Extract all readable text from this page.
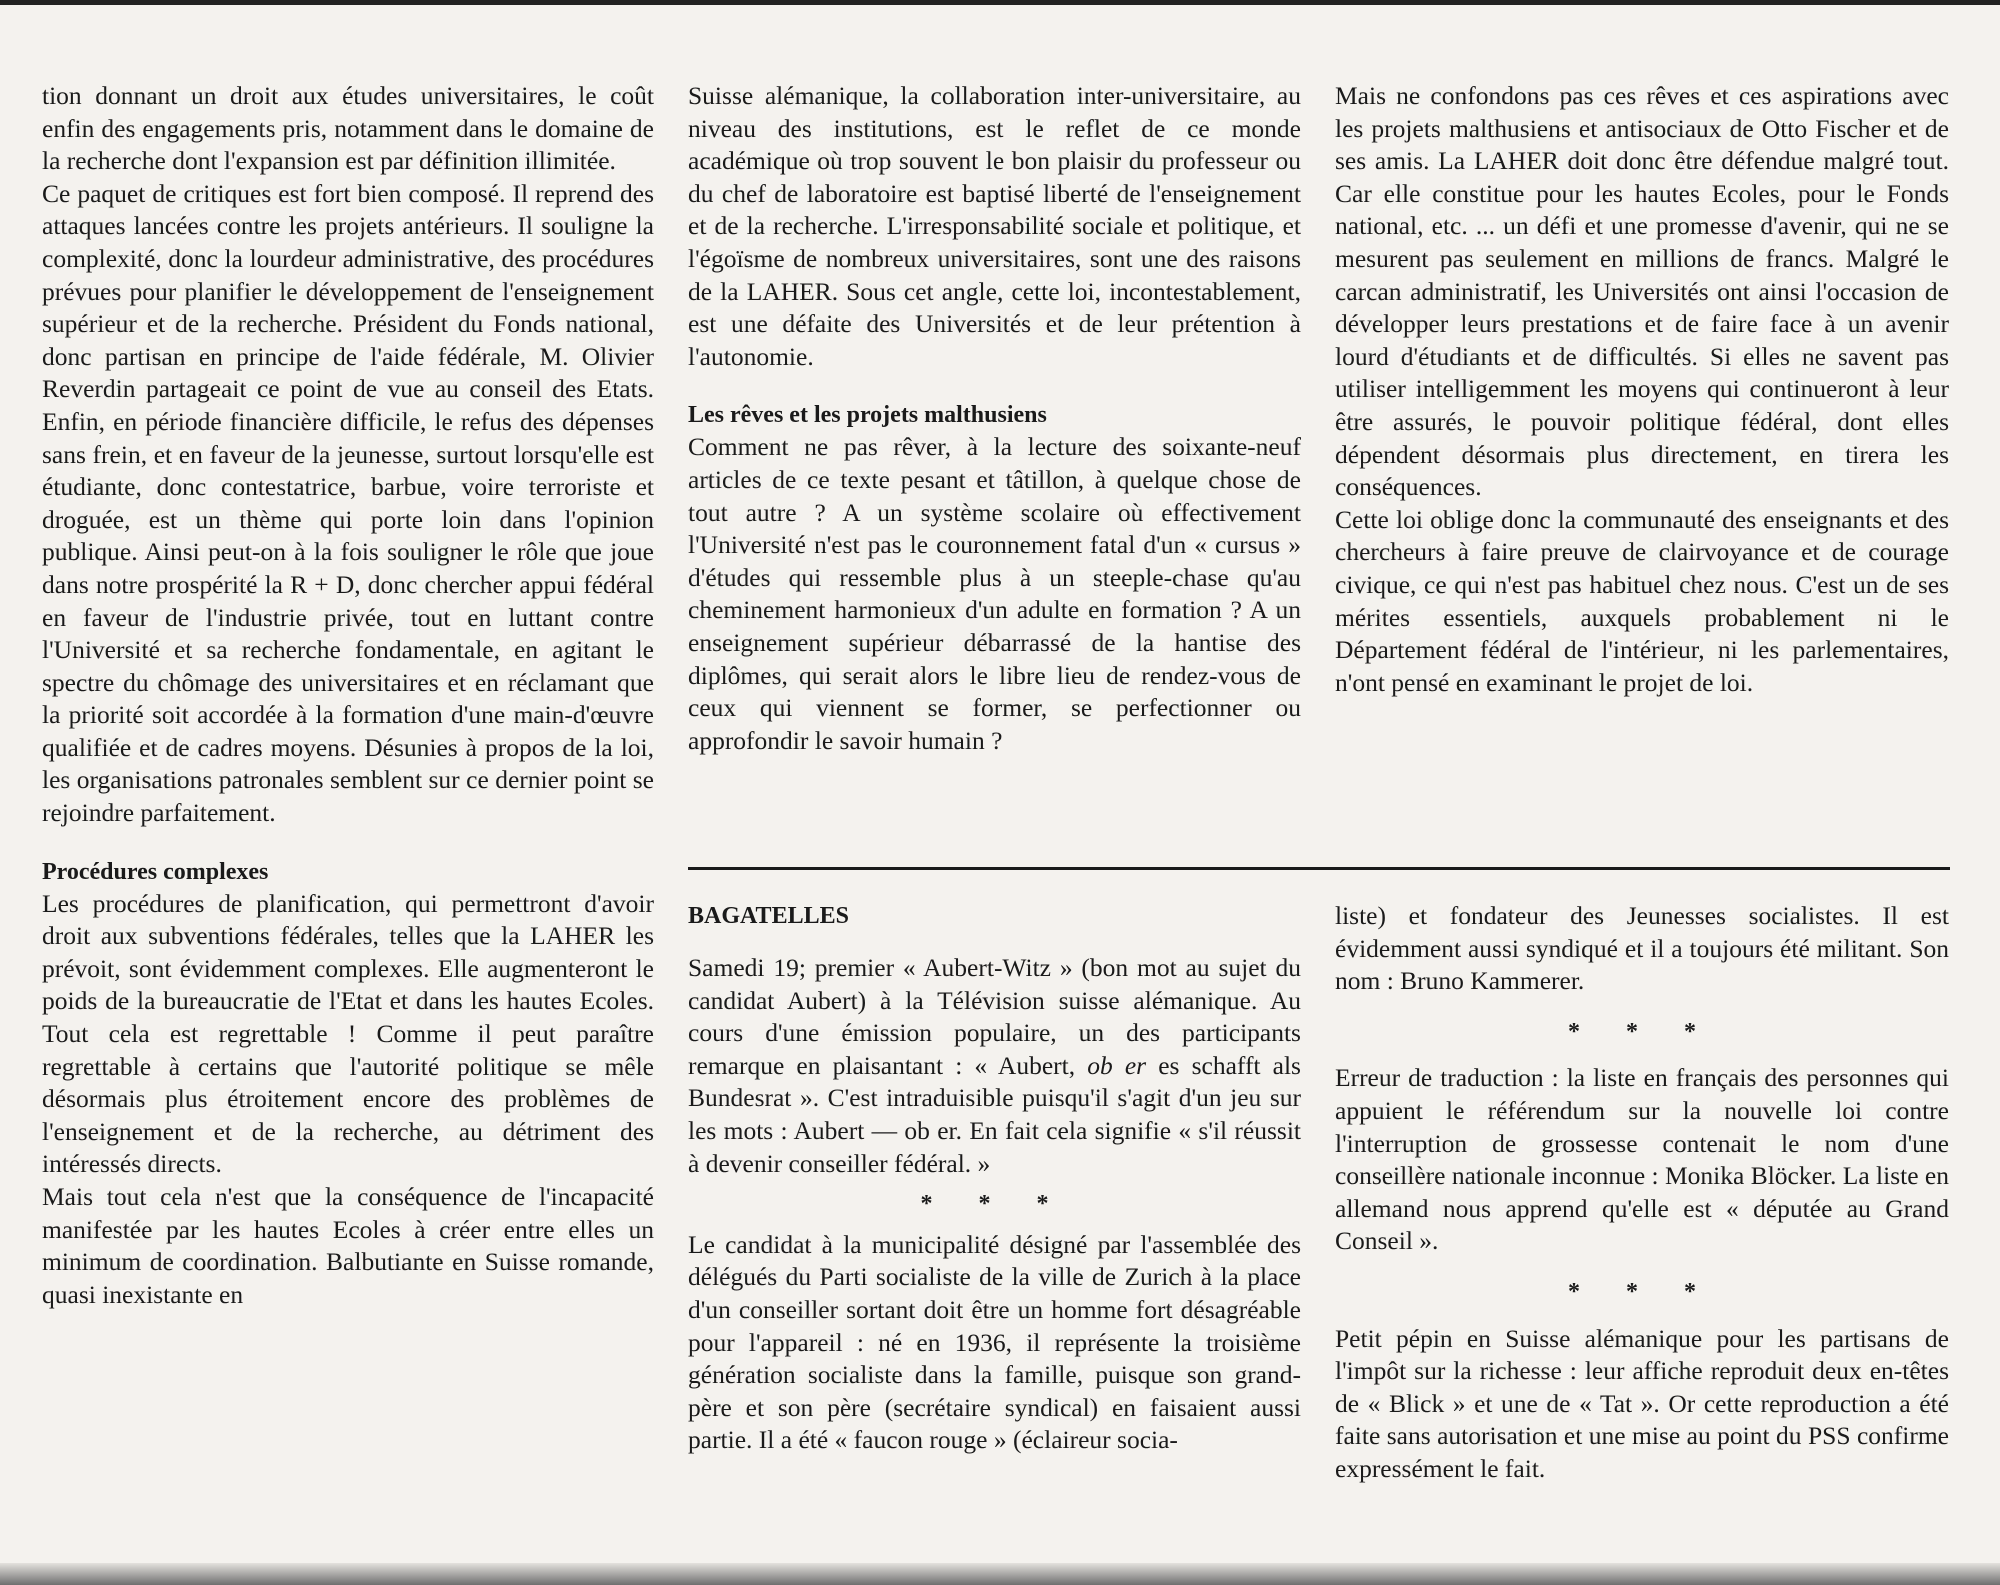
tion donnant un droit aux études universitaires, le coût enfin des engagements pris, notamment dans le domaine de la recherche dont l'expansion est par définition illimitée.

Ce paquet de critiques est fort bien composé. Il reprend des attaques lancées contre les projets antérieurs. Il souligne la complexité, donc la lourdeur administrative, des procédures prévues pour planifier le développement de l'enseignement supérieur et de la recherche. Président du Fonds national, donc partisan en principe de l'aide fédérale, M. Olivier Reverdin partageait ce point de vue au conseil des Etats. Enfin, en période financière difficile, le refus des dépenses sans frein, et en faveur de la jeunesse, surtout lorsqu'elle est étudiante, donc contestatrice, barbue, voire terroriste et droguée, est un thème qui porte loin dans l'opinion publique. Ainsi peut-on à la fois souligner le rôle que joue dans notre prospérité la R + D, donc chercher appui fédéral en faveur de l'industrie privée, tout en luttant contre l'Université et sa recherche fondamentale, en agitant le spectre du chômage des universitaires et en réclamant que la priorité soit accordée à la formation d'une main-d'œuvre qualifiée et de cadres moyens. Désunies à propos de la loi, les organisations patronales semblent sur ce dernier point se rejoindre parfaitement.

Procédures complexes

Les procédures de planification, qui permettront d'avoir droit aux subventions fédérales, telles que la LAHER les prévoit, sont évidemment complexes. Elle augmenteront le poids de la bureaucratie de l'Etat et dans les hautes Ecoles. Tout cela est regrettable ! Comme il peut paraître regrettable à certains que l'autorité politique se mêle désormais plus étroitement encore des problèmes de l'enseignement et de la recherche, au détriment des intéressés directs.

Mais tout cela n'est que la conséquence de l'incapacité manifestée par les hautes Ecoles à créer entre elles un minimum de coordination. Balbutiante en Suisse romande, quasi inexistante en

Suisse alémanique, la collaboration inter-universitaire, au niveau des institutions, est le reflet de ce monde académique où trop souvent le bon plaisir du professeur ou du chef de laboratoire est baptisé liberté de l'enseignement et de la recherche. L'irresponsabilité sociale et politique, et l'égoïsme de nombreux universitaires, sont une des raisons de la LAHER. Sous cet angle, cette loi, incontestablement, est une défaite des Universités et de leur prétention à l'autonomie.

Les rêves et les projets malthusiens

Comment ne pas rêver, à la lecture des soixante-neuf articles de ce texte pesant et tâtillon, à quelque chose de tout autre ? A un système scolaire où effectivement l'Université n'est pas le couronnement fatal d'un « cursus » d'études qui ressemble plus à un steeple-chase qu'au cheminement harmonieux d'un adulte en formation ? A un enseignement supérieur débarrassé de la hantise des diplômes, qui serait alors le libre lieu de rendez-vous de ceux qui viennent se former, se perfectionner ou approfondir le savoir humain ?

Mais ne confondons pas ces rêves et ces aspirations avec les projets malthusiens et antisociaux de Otto Fischer et de ses amis. La LAHER doit donc être défendue malgré tout. Car elle constitue pour les hautes Ecoles, pour le Fonds national, etc. ... un défi et une promesse d'avenir, qui ne se mesurent pas seulement en millions de francs. Malgré le carcan administratif, les Universités ont ainsi l'occasion de développer leurs prestations et de faire face à un avenir lourd d'étudiants et de difficultés. Si elles ne savent pas utiliser intelligemment les moyens qui continueront à leur être assurés, le pouvoir politique fédéral, dont elles dépendent désormais plus directement, en tirera les conséquences.

Cette loi oblige donc la communauté des enseignants et des chercheurs à faire preuve de clairvoyance et de courage civique, ce qui n'est pas habituel chez nous. C'est un de ses mérites essentiels, auxquels probablement ni le Département fédéral de l'intérieur, ni les parlementaires, n'ont pensé en examinant le projet de loi.

BAGATELLES

Samedi 19; premier « Aubert-Witz » (bon mot au sujet du candidat Aubert) à la Télévision suisse alémanique. Au cours d'une émission populaire, un des participants remarque en plaisantant : « Aubert, ob er es schafft als Bundesrat ». C'est intraduisible puisqu'il s'agit d'un jeu sur les mots : Aubert — ob er. En fait cela signifie « s'il réussit à devenir conseiller fédéral. »

* * *

Le candidat à la municipalité désigné par l'assemblée des délégués du Parti socialiste de la ville de Zurich à la place d'un conseiller sortant doit être un homme fort désagréable pour l'appareil : né en 1936, il représente la troisième génération socialiste dans la famille, puisque son grand-père et son père (secrétaire syndical) en faisaient aussi partie. Il a été « faucon rouge » (éclaireur socia-

liste) et fondateur des Jeunesses socialistes. Il est évidemment aussi syndiqué et il a toujours été militant. Son nom : Bruno Kammerer.

* * *

Erreur de traduction : la liste en français des personnes qui appuient le référendum sur la nouvelle loi contre l'interruption de grossesse contenait le nom d'une conseillère nationale inconnue : Monika Blöcker. La liste en allemand nous apprend qu'elle est « députée au Grand Conseil ».

* * *

Petit pépin en Suisse alémanique pour les partisans de l'impôt sur la richesse : leur affiche reproduit deux en-têtes de « Blick » et une de « Tat ». Or cette reproduction a été faite sans autorisation et une mise au point du PSS confirme expressément le fait.
